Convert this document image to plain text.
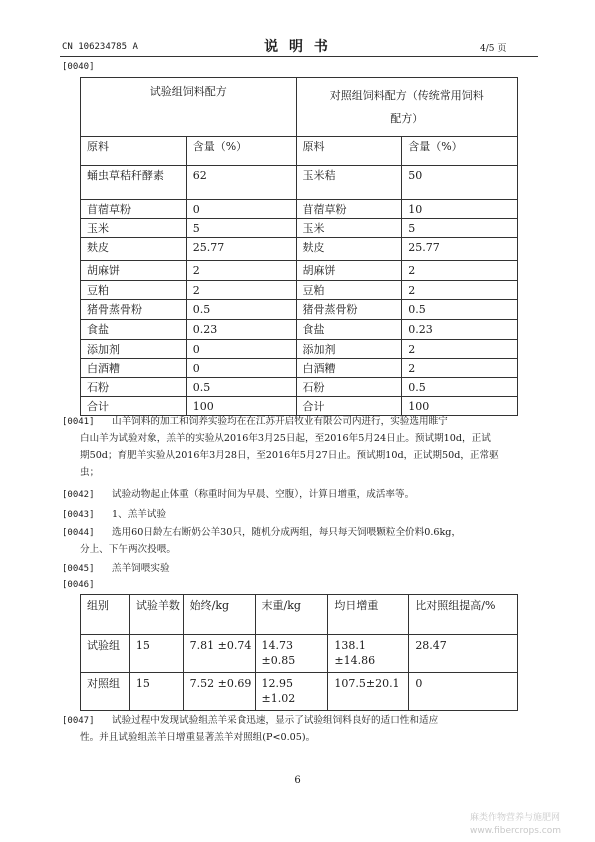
CN 106234785 A	说 明 书	4/5 页
[0040]
试验组饲料配方		对照组饲料配方（传统常用饲料
配方）	
原料	含量（%）	原料	含量（%）
蛹虫草秸秆酵素	62	玉米秸	50
苜蓿草粉	0	苜蓿草粉	10
玉米	5	玉米	5
麸皮	25.77	麸皮	25.77
胡麻饼	2	胡麻饼	2
豆粕	2	豆粕	2
猪骨蒸骨粉	0.5	猪骨蒸骨粉	0.5
食盐	0.23	食盐	0.23
添加剂	0	添加剂	2
白酒糟	0	白酒糟	2
石粉	0.5	石粉	0.5
合计	100	合计	100
[0041] 山羊饲料的加工和饲养实验均在在江苏开启牧业有限公司内进行，实验选用睢宁
白山羊为试验对象，羔羊的实验从2016年3月25日起，至2016年5月24日止。预试期10d，正试
期50d；育肥羊实验从2016年3月28日，至2016年5月27日止。预试期10d，正试期50d，正常驱
虫；
[0042] 试验动物起止体重（称重时间为早晨、空腹），计算日增重，成活率等。
[0043] 1、羔羊试验
[0044] 选用60日龄左右断奶公羊30只，随机分成两组，每只每天饲喂颗粒全价料0.6kg，
分上、下午两次投喂。
[0045] 羔羊饲喂实验
[0046]
组别	试验羊数	始终/kg	末重/kg	均日增重	比对照组提高/%
试验组	15	7.81 ±0.74	14.73 ±0.85	138.1 ±14.86	28.47
对照组	15	7.52 ±0.69	12.95 ±1.02	107.5±20.1	0
[0047] 试验过程中发现试验组羔羊采食迅速，显示了试验组饲料良好的适口性和适应
性。并且试验组羔羊日增重显著羔羊对照组(P<0.05)。
6
麻类作物营养与施肥网
www.fibercrops.com
